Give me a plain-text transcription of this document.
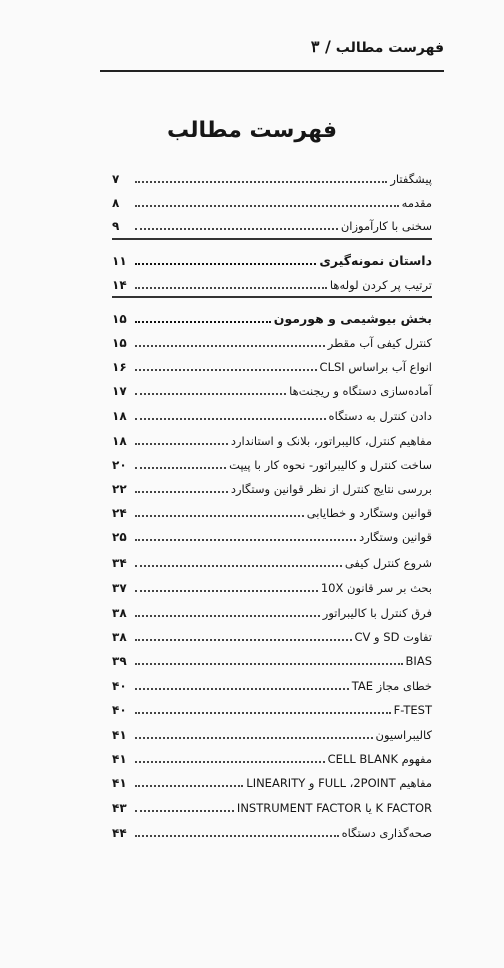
فهرست مطالب / ۳
فهرست مطالب
پیشگفتار
۷
مقدمه
۸
سخنی با کارآموزان
۹
داستان نمونه‌گیری
۱۱
ترتیب پر کردن لوله‌ها
۱۴
بخش بیوشیمی و هورمون
۱۵
کنترل کیفی آب مقطر
۱۵
انواع آب براساس CLSI
۱۶
آماده‌سازی دستگاه و ریجنت‌ها
۱۷
دادن کنترل به دستگاه
۱۸
مفاهیم کنترل، کالیبراتور، بلانک و استاندارد
۱۸
ساخت کنترل و کالیبراتور- نحوه کار با پیپت
۲۰
بررسی نتایج کنترل از نظر قوانین وستگارد
۲۲
قوانین وستگارد و خطایابی
۲۴
قوانین وستگارد
۲۵
شروع کنترل کیفی
۳۴
بحث بر سر قانون 10X
۳۷
فرق کنترل با کالیبراتور
۳۸
تفاوت SD و CV
۳۸
BIAS
۳۹
خطای مجاز TAE
۴۰
F-TEST
۴۰
کالیبراسیون
۴۱
مفهوم CELL BLANK
۴۱
مفاهیم FULL ،2POINT و LINEARITY
۴۱
K FACTOR یا INSTRUMENT FACTOR
۴۳
صحه‌گذاری دستگاه
۴۴
